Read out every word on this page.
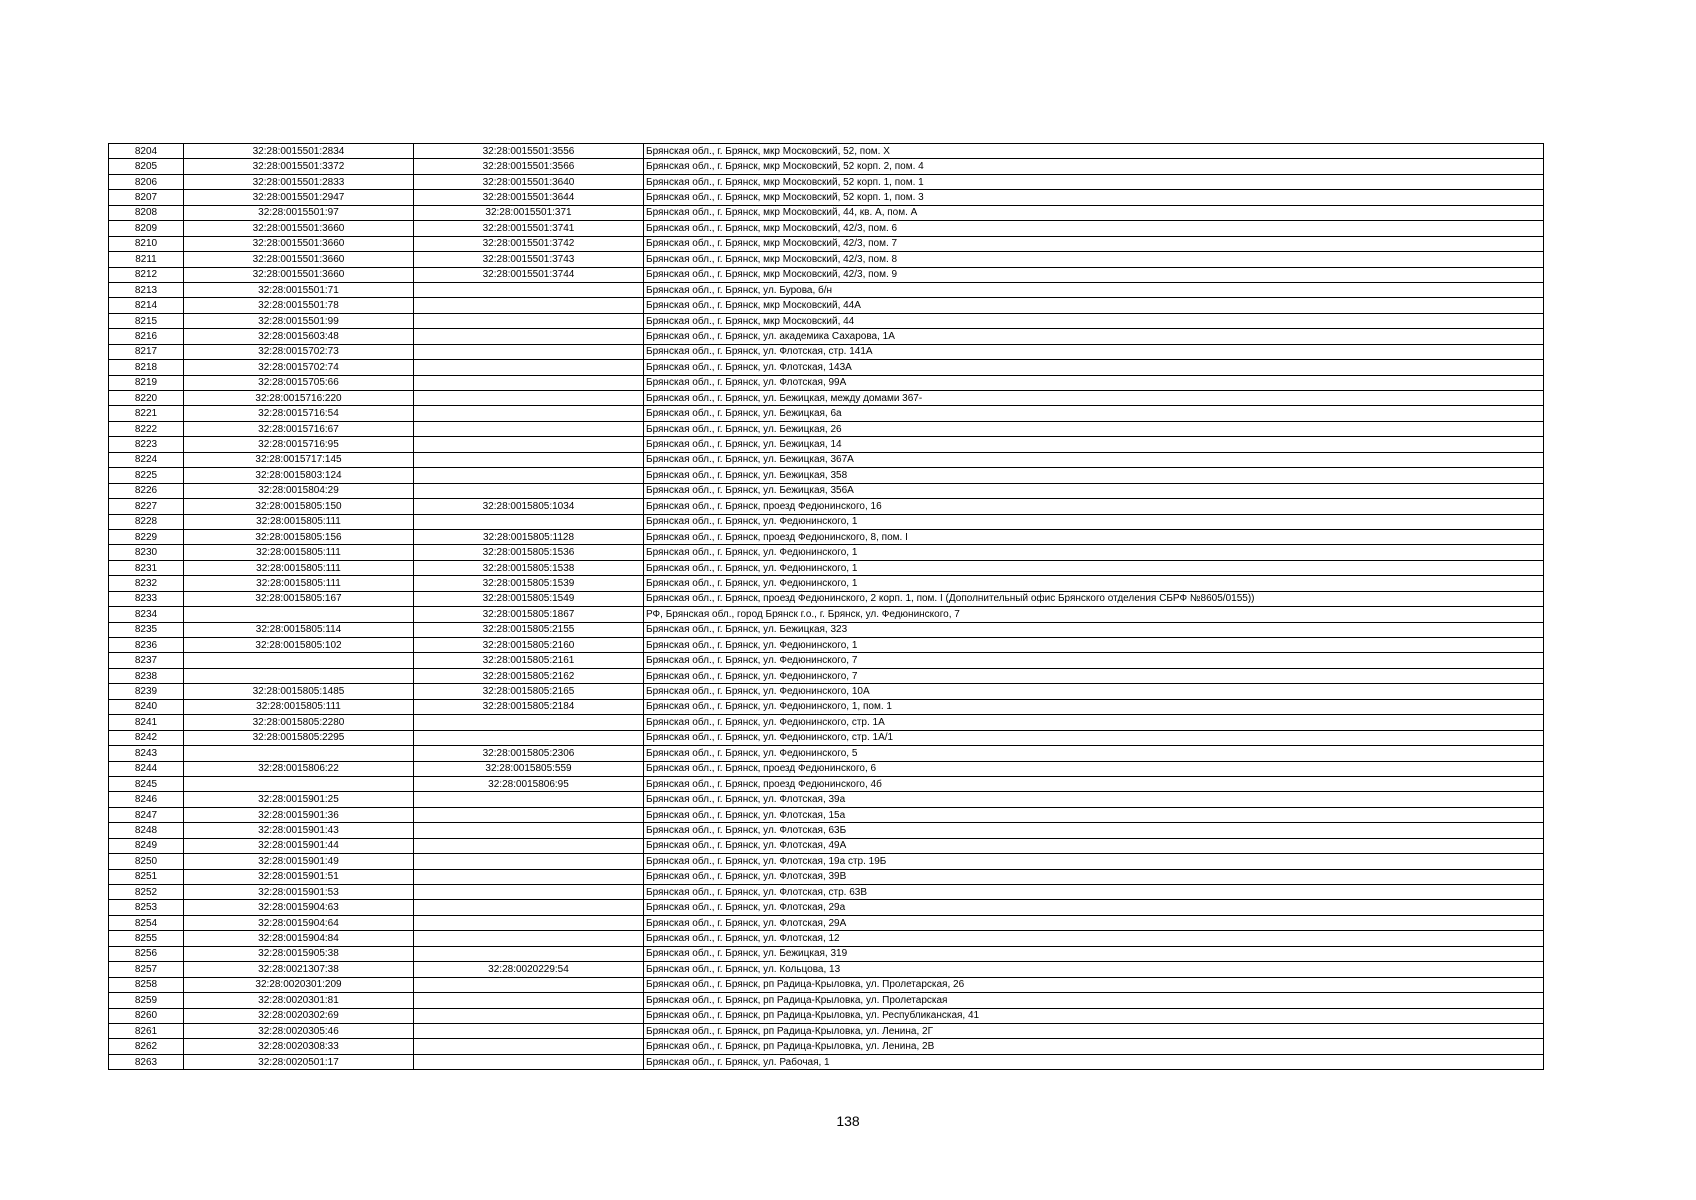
8204	32:28:0015501:2834	32:28:0015501:3556	Брянская обл., г. Брянск, мкр Московский, 52, пом. X
8205	32:28:0015501:3372	32:28:0015501:3566	Брянская обл., г. Брянск, мкр Московский, 52 корп. 2, пом. 4
8206	32:28:0015501:2833	32:28:0015501:3640	Брянская обл., г. Брянск, мкр Московский, 52 корп. 1, пом. 1
8207	32:28:0015501:2947	32:28:0015501:3644	Брянская обл., г. Брянск, мкр Московский, 52 корп. 1, пом. 3
8208	32:28:0015501:97	32:28:0015501:371	Брянская обл., г. Брянск, мкр Московский, 44, кв. А, пом. А
8209	32:28:0015501:3660	32:28:0015501:3741	Брянская обл., г. Брянск, мкр Московский, 42/3, пом. 6
8210	32:28:0015501:3660	32:28:0015501:3742	Брянская обл., г. Брянск, мкр Московский, 42/3, пом. 7
8211	32:28:0015501:3660	32:28:0015501:3743	Брянская обл., г. Брянск, мкр Московский, 42/3, пом. 8
8212	32:28:0015501:3660	32:28:0015501:3744	Брянская обл., г. Брянск, мкр Московский, 42/3, пом. 9
8213	32:28:0015501:71		Брянская обл., г. Брянск, ул. Бурова, б/н
8214	32:28:0015501:78		Брянская обл., г. Брянск, мкр Московский, 44А
8215	32:28:0015501:99		Брянская обл., г. Брянск, мкр Московский, 44
8216	32:28:0015603:48		Брянская обл., г. Брянск, ул. академика Сахарова, 1А
8217	32:28:0015702:73		Брянская обл., г. Брянск, ул. Флотская, стр. 141А
8218	32:28:0015702:74		Брянская обл., г. Брянск, ул. Флотская, 143А
8219	32:28:0015705:66		Брянская обл., г. Брянск, ул. Флотская, 99А
8220	32:28:0015716:220		Брянская обл., г. Брянск, ул. Бежицкая, между домами 367-
8221	32:28:0015716:54		Брянская обл., г. Брянск, ул. Бежицкая, 6а
8222	32:28:0015716:67		Брянская обл., г. Брянск, ул. Бежицкая, 26
8223	32:28:0015716:95		Брянская обл., г. Брянск, ул. Бежицкая, 14
8224	32:28:0015717:145		Брянская обл., г. Брянск, ул. Бежицкая, 367А
8225	32:28:0015803:124		Брянская обл., г. Брянск, ул. Бежицкая, 358
8226	32:28:0015804:29		Брянская обл., г. Брянск, ул. Бежицкая, 356А
8227	32:28:0015805:150	32:28:0015805:1034	Брянская обл., г. Брянск, проезд Федюнинского, 16
8228	32:28:0015805:111		Брянская обл., г. Брянск, ул. Федюнинского, 1
8229	32:28:0015805:156	32:28:0015805:1128	Брянская обл., г. Брянск, проезд Федюнинского, 8, пом. I
8230	32:28:0015805:111	32:28:0015805:1536	Брянская обл., г. Брянск, ул. Федюнинского, 1
8231	32:28:0015805:111	32:28:0015805:1538	Брянская обл., г. Брянск, ул. Федюнинского, 1
8232	32:28:0015805:111	32:28:0015805:1539	Брянская обл., г. Брянск, ул. Федюнинского, 1
8233	32:28:0015805:167	32:28:0015805:1549	Брянская обл., г. Брянск, проезд Федюнинского, 2 корп. 1, пом. I (Дополнительный офис Брянского отделения СБРФ №8605/0155))
8234		32:28:0015805:1867	РФ, Брянская обл., город Брянск г.о., г. Брянск, ул. Федюнинского, 7
8235	32:28:0015805:114	32:28:0015805:2155	Брянская обл., г. Брянск, ул. Бежицкая, 323
8236	32:28:0015805:102	32:28:0015805:2160	Брянская обл., г. Брянск, ул. Федюнинского, 1
8237		32:28:0015805:2161	Брянская обл., г. Брянск, ул. Федюнинского, 7
8238		32:28:0015805:2162	Брянская обл., г. Брянск, ул. Федюнинского, 7
8239	32:28:0015805:1485	32:28:0015805:2165	Брянская обл., г. Брянск, ул. Федюнинского, 10А
8240	32:28:0015805:111	32:28:0015805:2184	Брянская обл., г. Брянск, ул. Федюнинского, 1, пом. 1
8241	32:28:0015805:2280		Брянская обл., г. Брянск, ул. Федюнинского, стр. 1А
8242	32:28:0015805:2295		Брянская обл., г. Брянск, ул. Федюнинского, стр. 1А/1
8243		32:28:0015805:2306	Брянская обл., г. Брянск, ул. Федюнинского, 5
8244	32:28:0015806:22	32:28:0015805:559	Брянская обл., г. Брянск, проезд Федюнинского, 6
8245		32:28:0015806:95	Брянская обл., г. Брянск, проезд Федюнинского, 4б
8246	32:28:0015901:25		Брянская обл., г. Брянск, ул. Флотская, 39а
8247	32:28:0015901:36		Брянская обл., г. Брянск, ул. Флотская, 15а
8248	32:28:0015901:43		Брянская обл., г. Брянск, ул. Флотская, 63Б
8249	32:28:0015901:44		Брянская обл., г. Брянск, ул. Флотская, 49А
8250	32:28:0015901:49		Брянская обл., г. Брянск, ул. Флотская, 19а стр. 19Б
8251	32:28:0015901:51		Брянская обл., г. Брянск, ул. Флотская, 39В
8252	32:28:0015901:53		Брянская обл., г. Брянск, ул. Флотская, стр. 63В
8253	32:28:0015904:63		Брянская обл., г. Брянск, ул. Флотская, 29а
8254	32:28:0015904:64		Брянская обл., г. Брянск, ул. Флотская, 29А
8255	32:28:0015904:84		Брянская обл., г. Брянск, ул. Флотская, 12
8256	32:28:0015905:38		Брянская обл., г. Брянск, ул. Бежицкая, 319
8257	32:28:0021307:38	32:28:0020229:54	Брянская обл., г. Брянск, ул. Кольцова, 13
8258	32:28:0020301:209		Брянская обл., г. Брянск, рп Радица-Крыловка, ул. Пролетарская, 26
8259	32:28:0020301:81		Брянская обл., г. Брянск, рп Радица-Крыловка, ул. Пролетарская
8260	32:28:0020302:69		Брянская обл., г. Брянск, рп Радица-Крыловка, ул. Республиканская, 41
8261	32:28:0020305:46		Брянская обл., г. Брянск, рп Радица-Крыловка, ул. Ленина, 2Г
8262	32:28:0020308:33		Брянская обл., г. Брянск, рп Радица-Крыловка, ул. Ленина, 2В
8263	32:28:0020501:17		Брянская обл., г. Брянск, ул. Рабочая, 1
138
